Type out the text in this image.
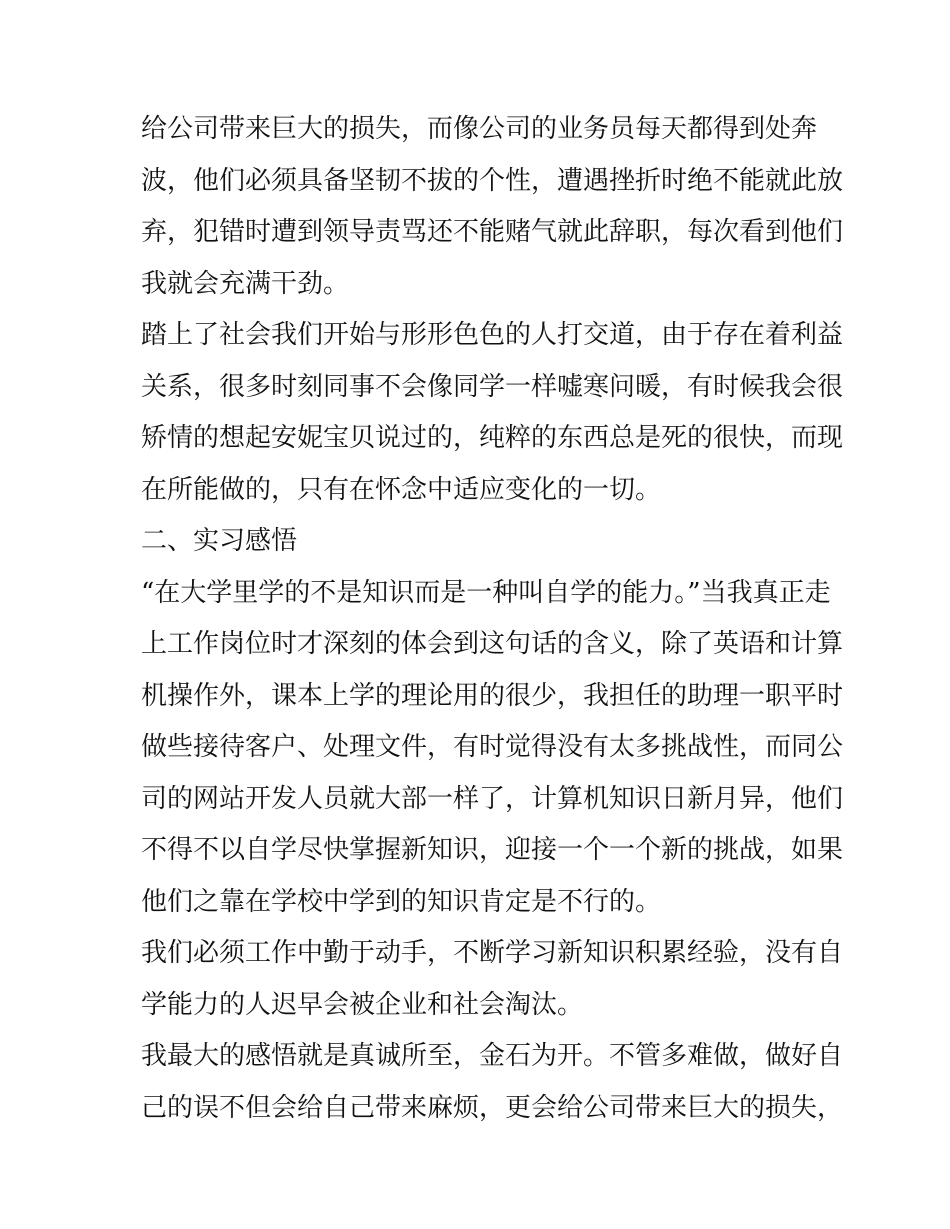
给公司带来巨大的损失，而像公司的业务员每天都得到处奔
波，他们必须具备坚韧不拔的个性，遭遇挫折时绝不能就此放
弃，犯错时遭到领导责骂还不能赌气就此辞职，每次看到他们
我就会充满干劲。
踏上了社会我们开始与形形色色的人打交道，由于存在着利益
关系，很多时刻同事不会像同学一样嘘寒问暖，有时候我会很
矫情的想起安妮宝贝说过的，纯粹的东西总是死的很快，而现
在所能做的，只有在怀念中适应变化的一切。
二、实习感悟
“在大学里学的不是知识而是一种叫自学的能力。”当我真正走
上工作岗位时才深刻的体会到这句话的含义，除了英语和计算
机操作外，课本上学的理论用的很少，我担任的助理一职平时
做些接待客户、处理文件，有时觉得没有太多挑战性，而同公
司的网站开发人员就大部一样了，计算机知识日新月异，他们
不得不以自学尽快掌握新知识，迎接一个一个新的挑战，如果
他们之靠在学校中学到的知识肯定是不行的。
我们必须工作中勤于动手，不断学习新知识积累经验，没有自
学能力的人迟早会被企业和社会淘汰。
我最大的感悟就是真诚所至，金石为开。不管多难做，做好自
己的误不但会给自己带来麻烦，更会给公司带来巨大的损失，
